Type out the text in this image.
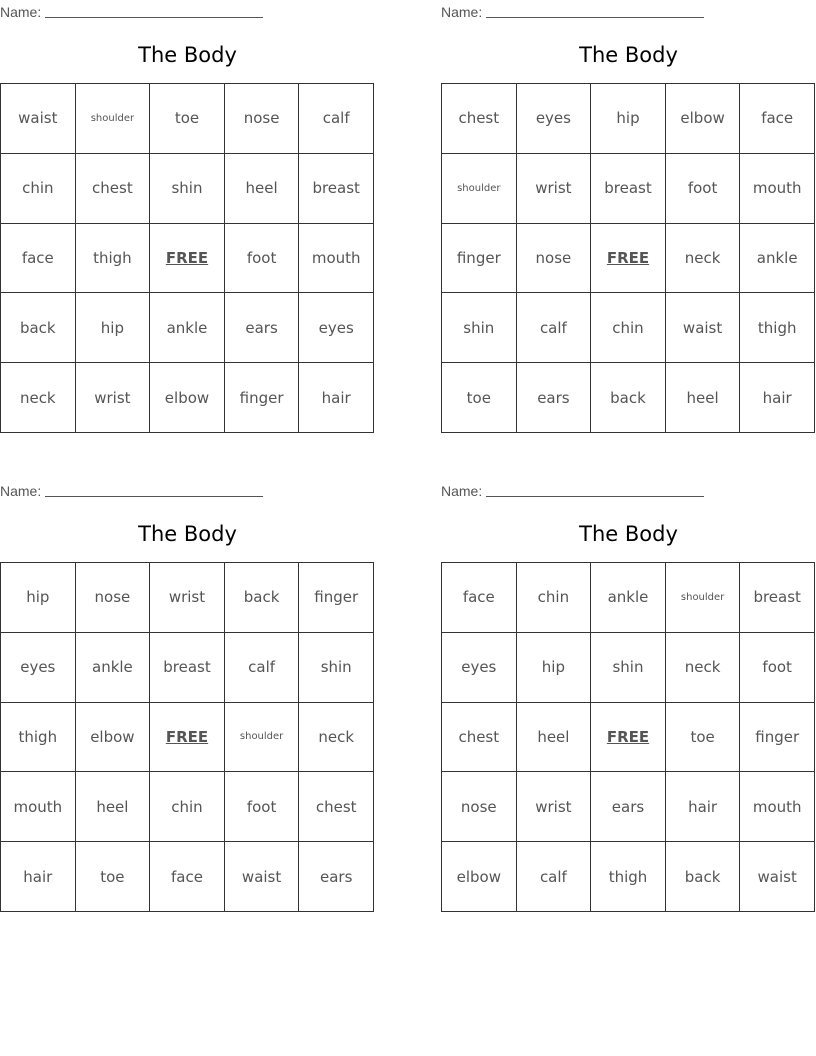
Name:
The Body
waist	shoulder	toe	nose	calf
chin	chest	shin	heel	breast
face	thigh	FREE	foot	mouth
back	hip	ankle	ears	eyes
neck	wrist	elbow	finger	hair
Name:
The Body
chest	eyes	hip	elbow	face
shoulder	wrist	breast	foot	mouth
finger	nose	FREE	neck	ankle
shin	calf	chin	waist	thigh
toe	ears	back	heel	hair
Name:
The Body
hip	nose	wrist	back	finger
eyes	ankle	breast	calf	shin
thigh	elbow	FREE	shoulder	neck
mouth	heel	chin	foot	chest
hair	toe	face	waist	ears
Name:
The Body
face	chin	ankle	shoulder	breast
eyes	hip	shin	neck	foot
chest	heel	FREE	toe	finger
nose	wrist	ears	hair	mouth
elbow	calf	thigh	back	waist
